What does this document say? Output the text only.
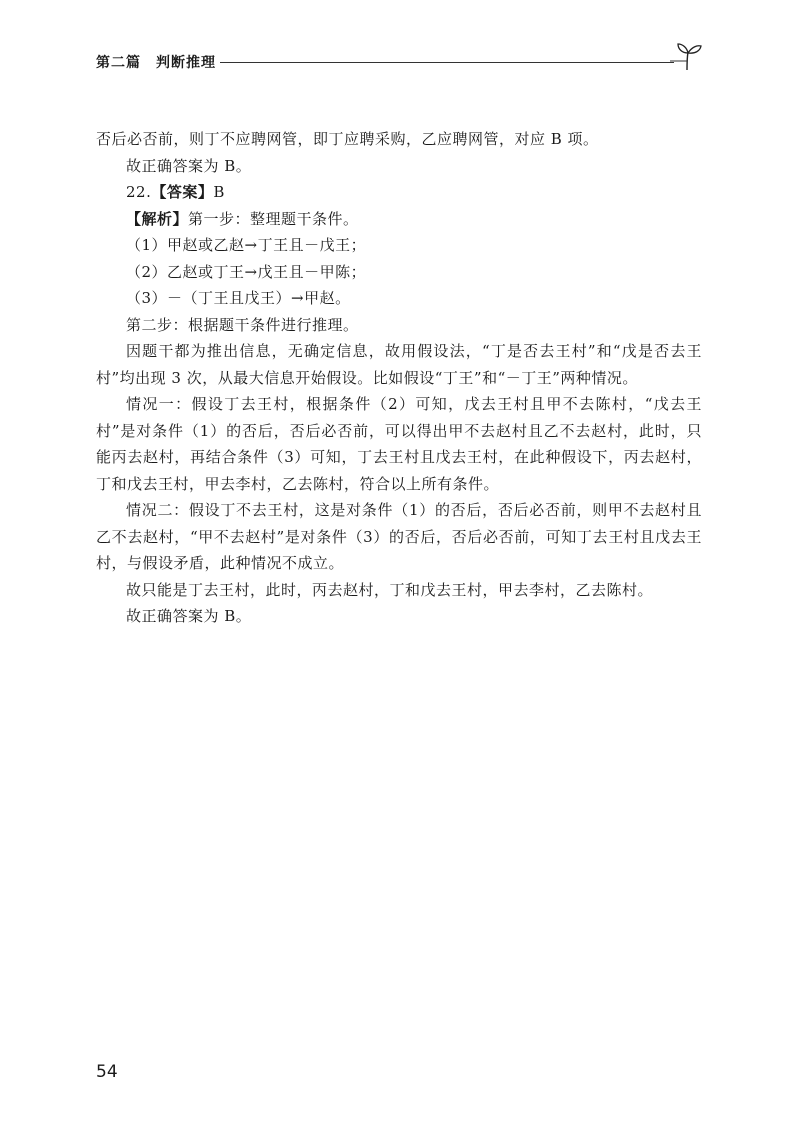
第二篇　判断推理

否后必否前，则丁不应聘网管，即丁应聘采购，乙应聘网管，对应 B 项。

故正确答案为 B。

22.【答案】B

【解析】第一步：整理题干条件。

（1）甲赵或乙赵→丁王且－戊王；

（2）乙赵或丁王→戊王且－甲陈；

（3）－（丁王且戊王）→甲赵。

第二步：根据题干条件进行推理。

因题干都为推出信息，无确定信息，故用假设法，“丁是否去王村”和“戊是否去王村”均出现 3 次，从最大信息开始假设。比如假设“丁王”和“－丁王”两种情况。

情况一：假设丁去王村，根据条件（2）可知，戊去王村且甲不去陈村，“戊去王村”是对条件（1）的否后，否后必否前，可以得出甲不去赵村且乙不去赵村，此时，只能丙去赵村，再结合条件（3）可知，丁去王村且戊去王村，在此种假设下，丙去赵村，丁和戊去王村，甲去李村，乙去陈村，符合以上所有条件。

情况二：假设丁不去王村，这是对条件（1）的否后，否后必否前，则甲不去赵村且乙不去赵村，“甲不去赵村”是对条件（3）的否后，否后必否前，可知丁去王村且戊去王村，与假设矛盾，此种情况不成立。

故只能是丁去王村，此时，丙去赵村，丁和戊去王村，甲去李村，乙去陈村。

故正确答案为 B。

54
